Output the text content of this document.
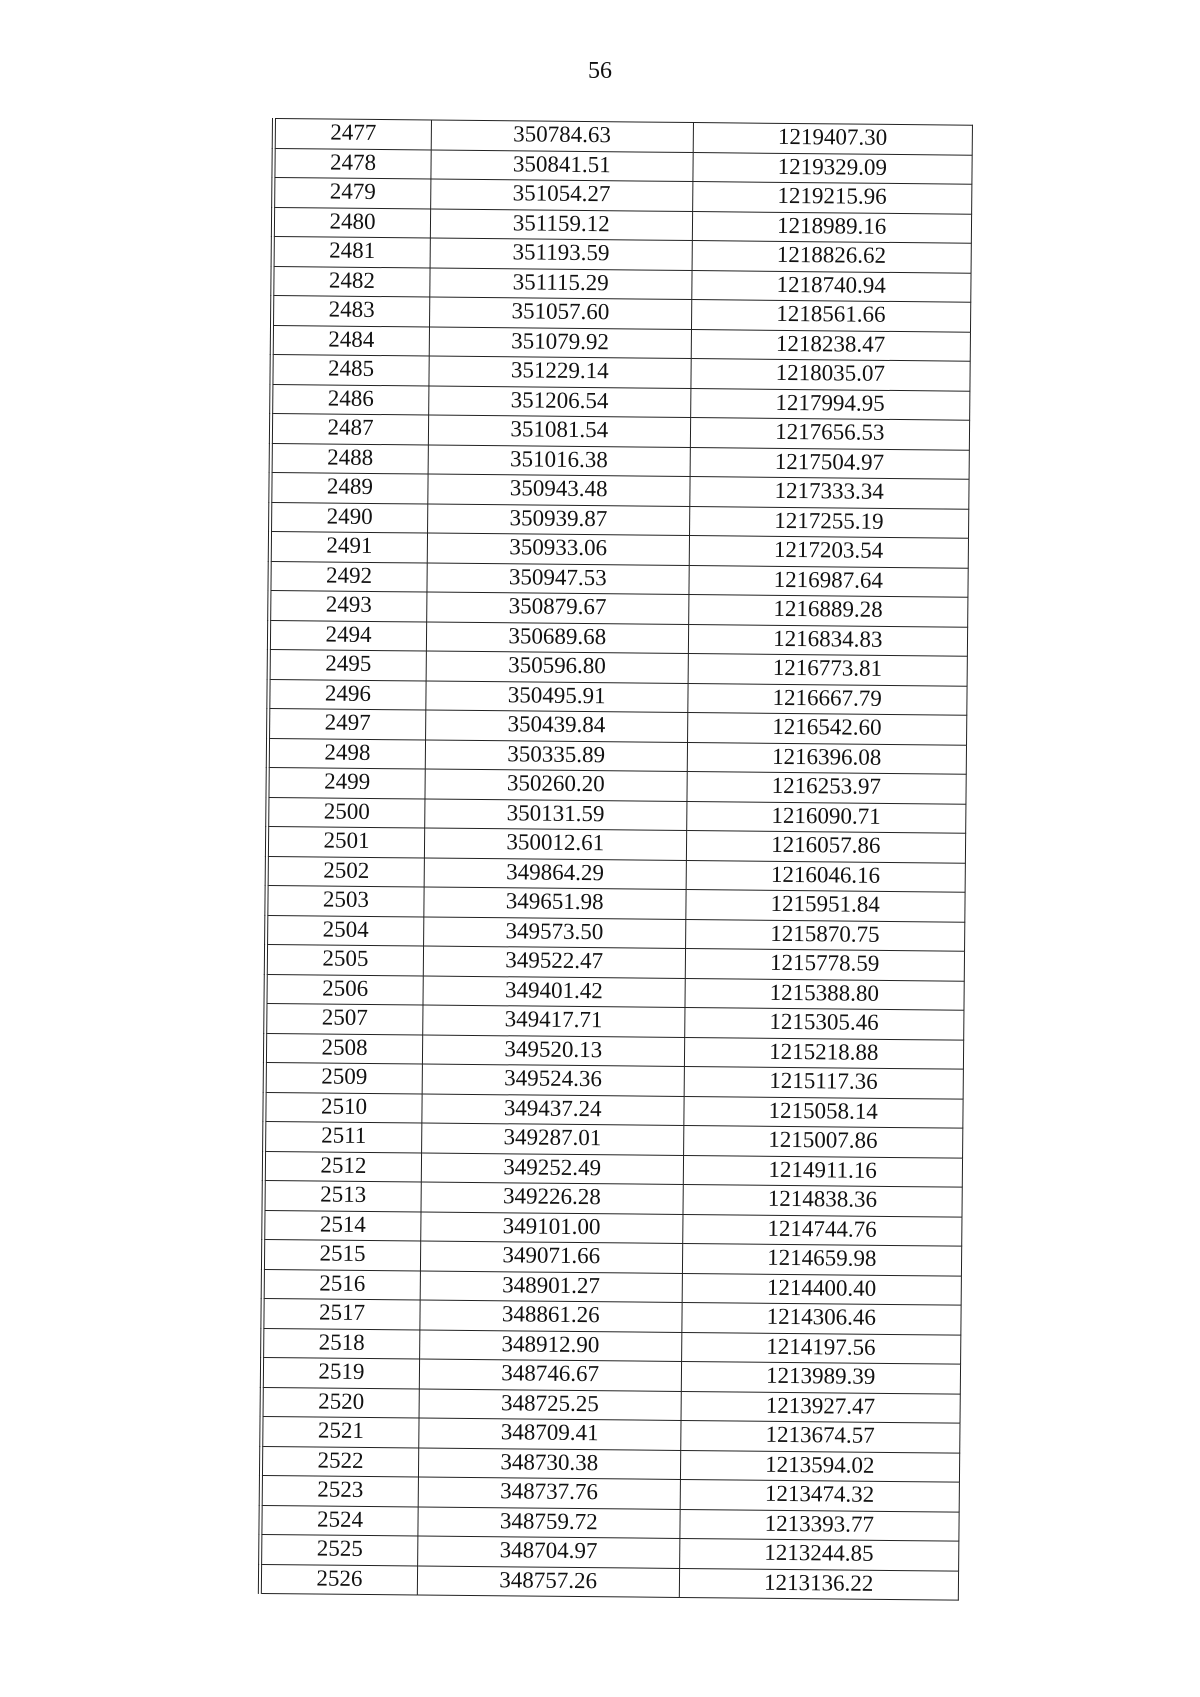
56
2477	350784.63	1219407.30
2478	350841.51	1219329.09
2479	351054.27	1219215.96
2480	351159.12	1218989.16
2481	351193.59	1218826.62
2482	351115.29	1218740.94
2483	351057.60	1218561.66
2484	351079.92	1218238.47
2485	351229.14	1218035.07
2486	351206.54	1217994.95
2487	351081.54	1217656.53
2488	351016.38	1217504.97
2489	350943.48	1217333.34
2490	350939.87	1217255.19
2491	350933.06	1217203.54
2492	350947.53	1216987.64
2493	350879.67	1216889.28
2494	350689.68	1216834.83
2495	350596.80	1216773.81
2496	350495.91	1216667.79
2497	350439.84	1216542.60
2498	350335.89	1216396.08
2499	350260.20	1216253.97
2500	350131.59	1216090.71
2501	350012.61	1216057.86
2502	349864.29	1216046.16
2503	349651.98	1215951.84
2504	349573.50	1215870.75
2505	349522.47	1215778.59
2506	349401.42	1215388.80
2507	349417.71	1215305.46
2508	349520.13	1215218.88
2509	349524.36	1215117.36
2510	349437.24	1215058.14
2511	349287.01	1215007.86
2512	349252.49	1214911.16
2513	349226.28	1214838.36
2514	349101.00	1214744.76
2515	349071.66	1214659.98
2516	348901.27	1214400.40
2517	348861.26	1214306.46
2518	348912.90	1214197.56
2519	348746.67	1213989.39
2520	348725.25	1213927.47
2521	348709.41	1213674.57
2522	348730.38	1213594.02
2523	348737.76	1213474.32
2524	348759.72	1213393.77
2525	348704.97	1213244.85
2526	348757.26	1213136.22
